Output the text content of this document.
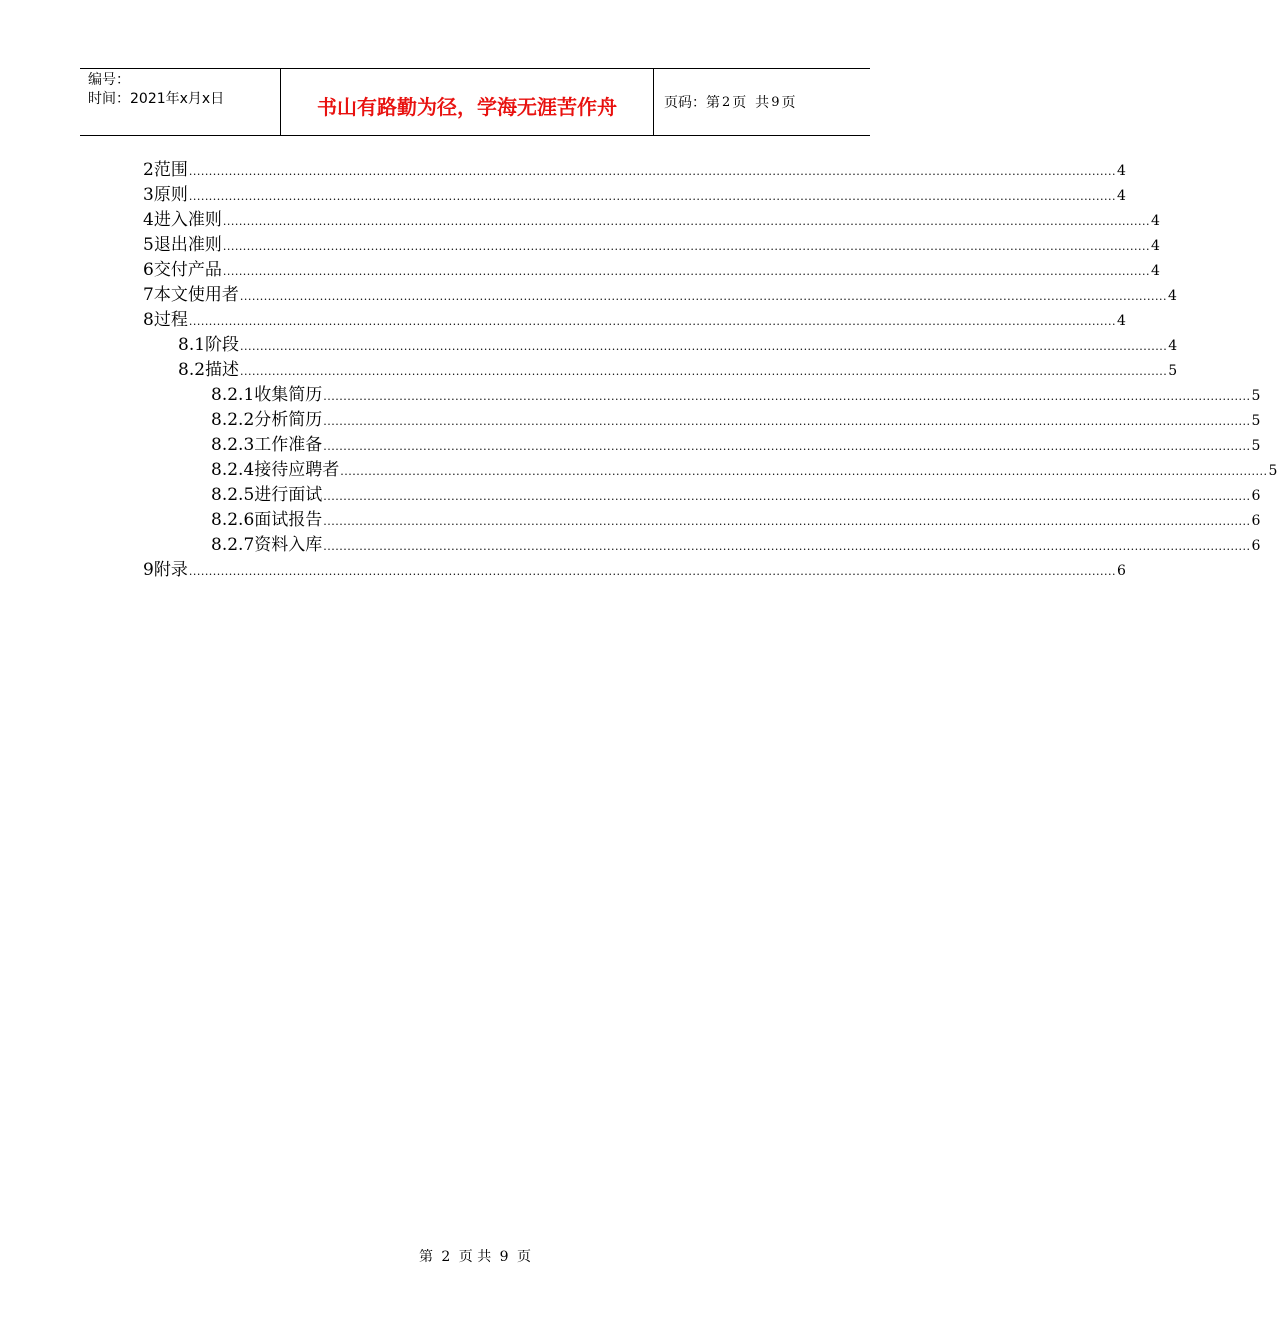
编号：
时间：2021年x月x日	书山有路勤为径，学海无涯苦作舟	页码：第 2 页  共 9 页
2 范围 ........................................................................................................................................................................................................................................ 4
3 原则 ........................................................................................................................................................................................................................................ 4
4 进入准则 ........................................................................................................................................................................................................................................ 4
5 退出准则 ........................................................................................................................................................................................................................................ 4
6 交付产品 ........................................................................................................................................................................................................................................ 4
7 本文使用者 ........................................................................................................................................................................................................................................ 4
8 过程 ........................................................................................................................................................................................................................................ 4
8.1 阶段 ........................................................................................................................................................................................................................................ 4
8.2 描述 ........................................................................................................................................................................................................................................ 5
8.2.1 收集简历 ........................................................................................................................................................................................................................................ 5
8.2.2 分析简历 ........................................................................................................................................................................................................................................ 5
8.2.3 工作准备 ........................................................................................................................................................................................................................................ 5
8.2.4 接待应聘者 ........................................................................................................................................................................................................................................ 5
8.2.5 进行面试 ........................................................................................................................................................................................................................................ 6
8.2.6 面试报告 ........................................................................................................................................................................................................................................ 6
8.2.7 资料入库 ........................................................................................................................................................................................................................................ 6
9 附录 ........................................................................................................................................................................................................................................ 6
第 2 页 共 9 页
